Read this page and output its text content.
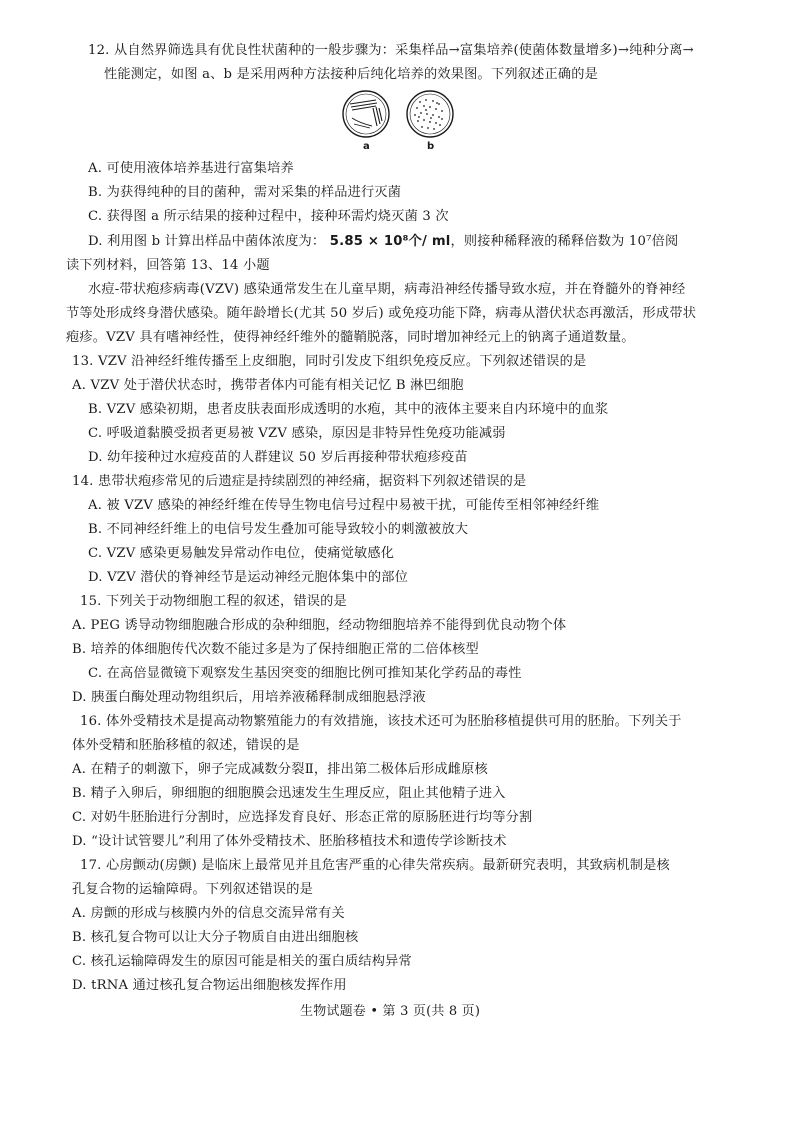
12. 从自然界筛选具有优良性状菌种的一般步骤为：采集样品→富集培养(使菌体数量增多)→纯种分离→
性能测定，如图 a、b 是采用两种方法接种后纯化培养的效果图。下列叙述正确的是
a	b
A. 可使用液体培养基进行富集培养
B. 为获得纯种的目的菌种，需对采集的样品进行灭菌
C. 获得图 a 所示结果的接种过程中，接种环需灼烧灭菌 3 次
D. 利用图 b 计算出样品中菌体浓度为： 5.85 × 10⁸个/ ml，则接种稀释液的稀释倍数为 10⁷倍阅
读下列材料，回答第 13、14 小题
水痘-带状疱疹病毒(VZV) 感染通常发生在儿童早期，病毒沿神经传播导致水痘，并在脊髓外的脊神经
节等处形成终身潜伏感染。随年龄增长(尤其 50 岁后) 或免疫功能下降，病毒从潜伏状态再激活，形成带状
疱疹。VZV 具有嗜神经性，使得神经纤维外的髓鞘脱落，同时增加神经元上的钠离子通道数量。
13. VZV 沿神经纤维传播至上皮细胞，同时引发皮下组织免疫反应。下列叙述错误的是
A. VZV 处于潜伏状态时，携带者体内可能有相关记忆 B 淋巴细胞
B. VZV 感染初期，患者皮肤表面形成透明的水疱，其中的液体主要来自内环境中的血浆
C. 呼吸道黏膜受损者更易被 VZV 感染，原因是非特异性免疫功能减弱
D. 幼年接种过水痘疫苗的人群建议 50 岁后再接种带状疱疹疫苗
14. 患带状疱疹常见的后遗症是持续剧烈的神经痛，据资料下列叙述错误的是
A. 被 VZV 感染的神经纤维在传导生物电信号过程中易被干扰，可能传至相邻神经纤维
B. 不同神经纤维上的电信号发生叠加可能导致较小的刺激被放大
C. VZV 感染更易触发异常动作电位，使痛觉敏感化
D. VZV 潜伏的脊神经节是运动神经元胞体集中的部位
15. 下列关于动物细胞工程的叙述，错误的是
A. PEG 诱导动物细胞融合形成的杂种细胞，经动物细胞培养不能得到优良动物个体
B. 培养的体细胞传代次数不能过多是为了保持细胞正常的二倍体核型
C. 在高倍显微镜下观察发生基因突变的细胞比例可推知某化学药品的毒性
D. 胰蛋白酶处理动物组织后，用培养液稀释制成细胞悬浮液
16. 体外受精技术是提高动物繁殖能力的有效措施，该技术还可为胚胎移植提供可用的胚胎。下列关于
体外受精和胚胎移植的叙述，错误的是
A. 在精子的刺激下，卵子完成减数分裂Ⅱ，排出第二极体后形成雌原核
B. 精子入卵后，卵细胞的细胞膜会迅速发生生理反应，阻止其他精子进入
C. 对奶牛胚胎进行分割时，应选择发育良好、形态正常的原肠胚进行均等分割
D. “设计试管婴儿”利用了体外受精技术、胚胎移植技术和遗传学诊断技术
17. 心房颤动(房颤) 是临床上最常见并且危害严重的心律失常疾病。最新研究表明，其致病机制是核
孔复合物的运输障碍。下列叙述错误的是
A. 房颤的形成与核膜内外的信息交流异常有关
B. 核孔复合物可以让大分子物质自由进出细胞核
C. 核孔运输障碍发生的原因可能是相关的蛋白质结构异常
D. tRNA 通过核孔复合物运出细胞核发挥作用
生物试题卷 • 第 3 页(共 8 页)
